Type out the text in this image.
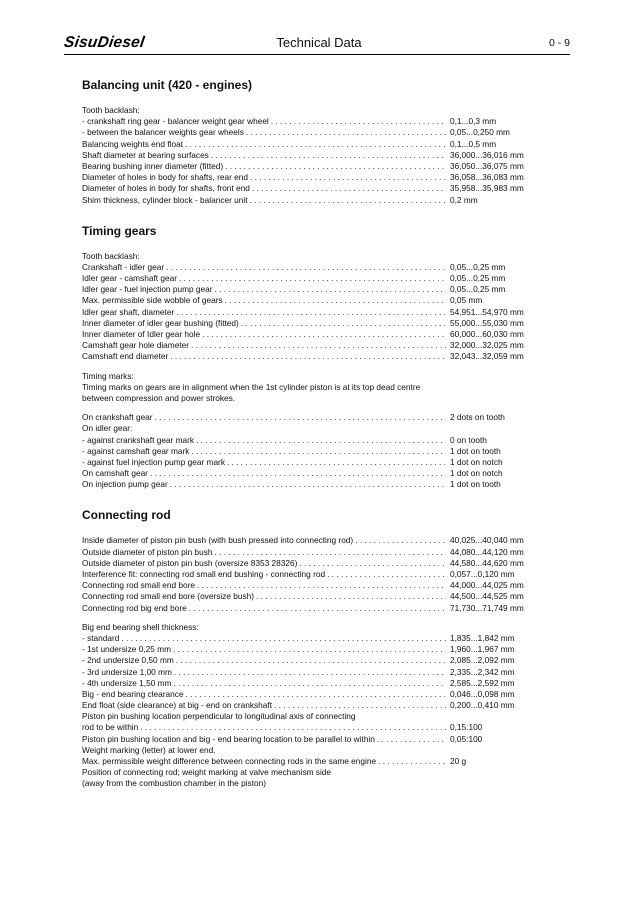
SisuDiesel	Technical Data	0 - 9
Balancing unit (420 - engines)
Tooth backlash:
- crankshaft ring gear - balancer weight gear wheel . . .	0,1...0,3 mm
- between the balancer weights gear wheels . . .	0,05...0,250 mm
Balancing weights end float . . .	0,1...0,5 mm
Shaft diameter at bearing surfaces . . .	36,000...36,016 mm
Bearing bushing inner diameter (fitted) . . .	36,050...36,075 mm
Diameter of holes in body for shafts, rear end . . .	36,058...36,083 mm
Diameter of holes in body for shafts, front end . . .	35,958...35,983 mm
Shim thickness, cylinder block - balancer unit . . .	0,2 mm
Timing gears
Tooth backlash:
Crankshaft - idler gear . . .	0,05...0,25 mm
Idler gear - camshaft gear . . .	0,05...0,25 mm
Idler gear - fuel injection pump gear . . .	0,05...0,25 mm
Max. permissible side wobble of gears . . .	0,05 mm
Idler gear shaft, diameter . . .	54,951...54,970 mm
Inner diameter of idler gear bushing (fitted) . . .	55,000...55,030 mm
Inner diameter of Idler gear hole . . .	60,000...60,030 mm
Camshaft gear hole diameter . . .	32,000...32,025 mm
Camshaft end diameter . . .	32,043...32,059 mm
Timing marks:
Timing marks on gears are in alignment when the 1st cylinder piston is at its top dead centre
between compression and power strokes.
On crankshaft gear . . .	2 dots on tooth
On idler gear:
- against crankshaft gear mark . . .	0 on tooth
- against camshaft gear mark . . .	1 dot on tooth
- against fuel injection pump gear mark . . .	1 dot on notch
On camshaft gear . . .	1 dot on notch
On injection pump gear . . .	1 dot on tooth
Connecting rod
Inside diameter of piston pin bush (with bush pressed into connecting rod) . . .	40,025...40,040 mm
Outside diameter of piston pin bush . . .	44,080...44,120 mm
Outside diameter of piston pin bush (oversize 8353 28326) . . .	44,580...44,620 mm
Interference fit: connecting rod small end bushing - connecting rod . . .	0,057...0,120 mm
Connecting rod small end bore . . .	44,000...44,025 mm
Connecting rod small end bore (oversize bush) . . .	44,500...44,525 mm
Connecting rod big end bore . . .	71,730...71,749 mm
Big end bearing shell thickness:
- standard . . .	1,835...1,842 mm
- 1st undersize 0,25 mm . . .	1,960...1,967 mm
- 2nd undersize 0,50 mm . . .	2,085...2,092 mm
- 3rd undersize 1,00 mm . . .	2,335...2,342 mm
- 4th undersize 1,50 mm . . .	2,585...2,592 mm
Big - end bearing clearance . . .	0,046...0,098 mm
End float (side clearance) at big - end on crankshaft . . .	0,200...0,410 mm
Piston pin bushing location perpendicular to longitudinal axis of connecting
rod to be within . . .	0,15:100
Piston pin bushing location and big - end bearing location to be parallel to within . . .	0,05:100
Weight marking (letter) at lower end.
Max. permissible weight difference between connecting rods in the same engine . . .	20 g
Position of connecting rod; weight marking at valve mechanism side
(away from the combustion chamber in the piston)
